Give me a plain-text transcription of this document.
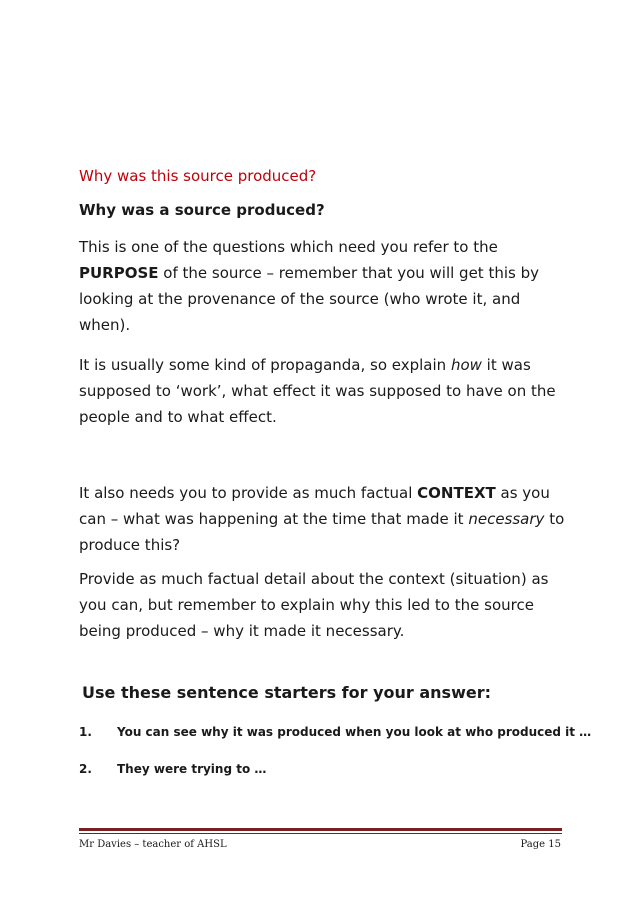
Why was this source produced?
Why was a source produced?
This is one of the questions which need you refer to the
PURPOSE of the source – remember that you will get this by
looking at the provenance of the source (who wrote it, and
when).
It is usually some kind of propaganda, so explain how it was
supposed to ‘work’, what effect it was supposed to have on the
people and to what effect.
It also needs you to provide as much factual CONTEXT as you
can – what was happening at the time that made it necessary to
produce this?
Provide as much factual detail about the context (situation) as
you can, but remember to explain why this led to the source
being produced – why it made it necessary.
Use these sentence starters for your answer:
1. You can see why it was produced when you look at who produced it …
2. They were trying to …
Mr Davies – teacher of AHSL	Page 15
